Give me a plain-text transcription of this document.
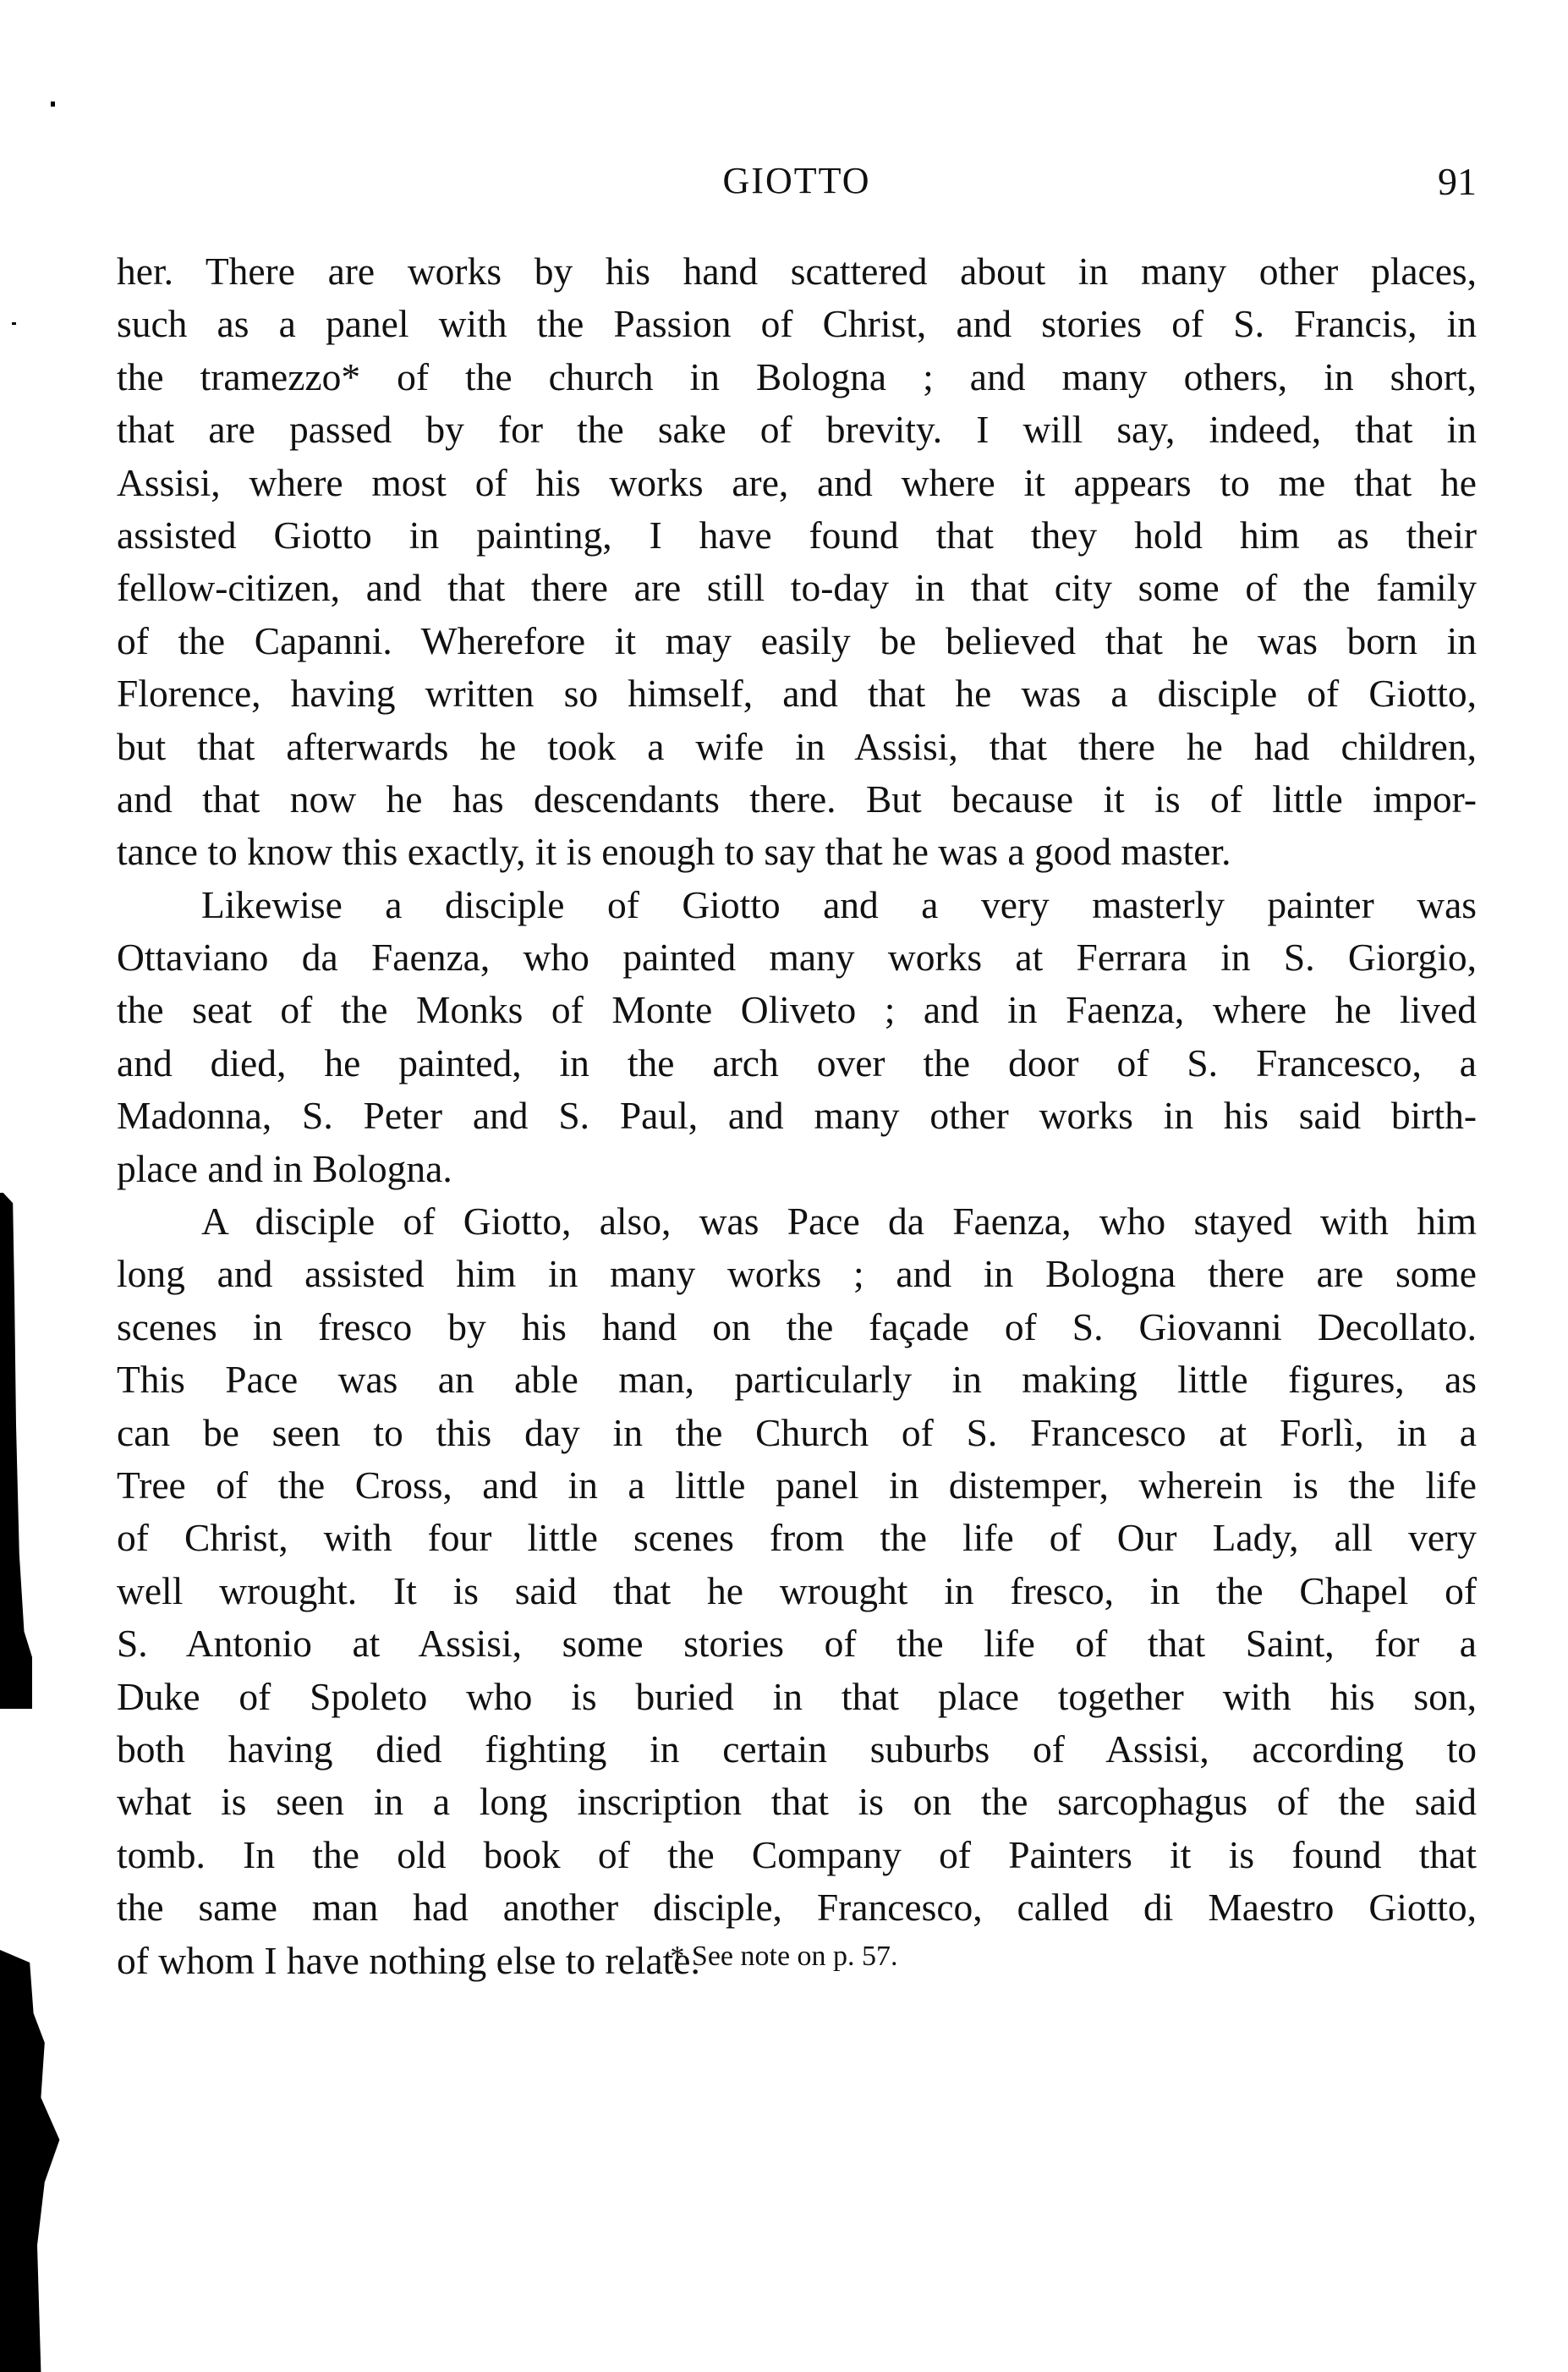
GIOTTO	91
her. There are works by his hand scattered about in many other places,
such as a panel with the Passion of Christ, and stories of S. Francis, in
the tramezzo* of the church in Bologna ; and many others, in short,
that are passed by for the sake of brevity. I will say, indeed, that in
Assisi, where most of his works are, and where it appears to me that he
assisted Giotto in painting, I have found that they hold him as their
fellow-citizen, and that there are still to-day in that city some of the family
of the Capanni. Wherefore it may easily be believed that he was born in
Florence, having written so himself, and that he was a disciple of Giotto,
but that afterwards he took a wife in Assisi, that there he had children,
and that now he has descendants there. But because it is of little impor-
tance to know this exactly, it is enough to say that he was a good master.
Likewise a disciple of Giotto and a very masterly painter was
Ottaviano da Faenza, who painted many works at Ferrara in S. Giorgio,
the seat of the Monks of Monte Oliveto ; and in Faenza, where he lived
and died, he painted, in the arch over the door of S. Francesco, a
Madonna, S. Peter and S. Paul, and many other works in his said birth-
place and in Bologna.
A disciple of Giotto, also, was Pace da Faenza, who stayed with him
long and assisted him in many works ; and in Bologna there are some
scenes in fresco by his hand on the façade of S. Giovanni Decollato.
This Pace was an able man, particularly in making little figures, as
can be seen to this day in the Church of S. Francesco at Forlì, in a
Tree of the Cross, and in a little panel in distemper, wherein is the life
of Christ, with four little scenes from the life of Our Lady, all very
well wrought. It is said that he wrought in fresco, in the Chapel of
S. Antonio at Assisi, some stories of the life of that Saint, for a
Duke of Spoleto who is buried in that place together with his son,
both having died fighting in certain suburbs of Assisi, according to
what is seen in a long inscription that is on the sarcophagus of the said
tomb. In the old book of the Company of Painters it is found that
the same man had another disciple, Francesco, called di Maestro Giotto,
of whom I have nothing else to relate.
* See note on p. 57.
